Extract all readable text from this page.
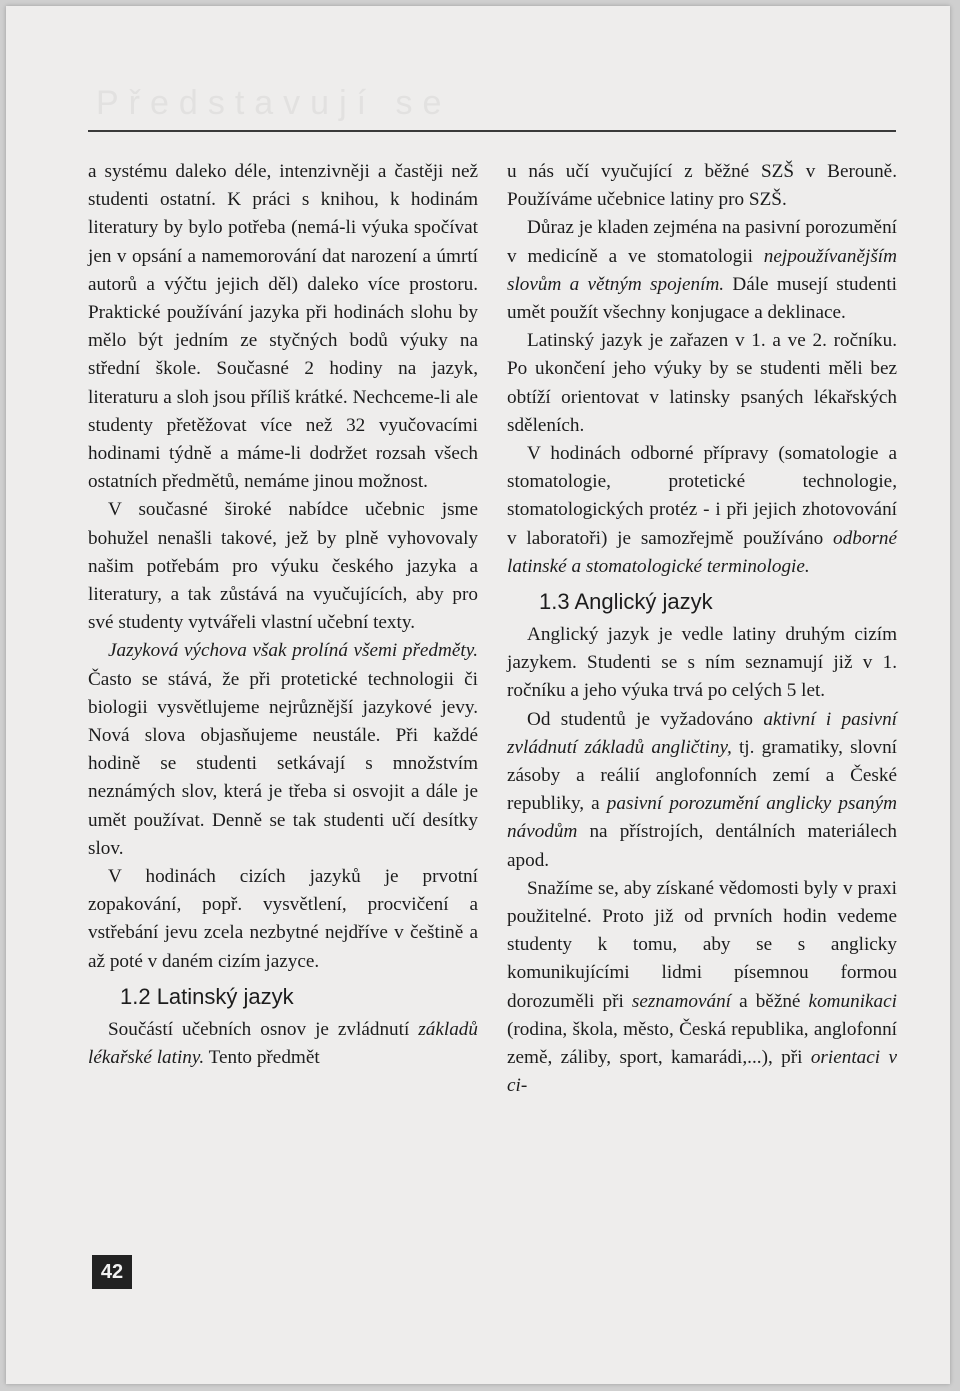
Představují se

a systému daleko déle, intenzivněji a častěji než studenti ostatní. K práci s knihou, k hodinám literatury by bylo potřeba (nemá-li výuka spočívat jen v opsání a namemorování dat narození a úmrtí autorů a výčtu jejich děl) daleko více prostoru. Praktické používání jazyka při hodinách slohu by mělo být jedním ze styčných bodů výuky na střední škole. Současné 2 hodiny na jazyk, literaturu a sloh jsou příliš krátké. Nechceme-li ale studenty přetěžovat více než 32 vyučovacími hodinami týdně a máme-li dodržet rozsah všech ostatních předmětů, nemáme jinou možnost.

V současné široké nabídce učebnic jsme bohužel nenašli takové, jež by plně vyhovovaly našim potřebám pro výuku českého jazyka a literatury, a tak zůstává na vyučujících, aby pro své studenty vytvářeli vlastní učební texty.

Jazyková výchova však prolíná všemi předměty. Často se stává, že při protetické technologii či biologii vysvětlujeme nejrůznější jazykové jevy. Nová slova objasňujeme neustále. Při každé hodině se studenti setkávají s množstvím neznámých slov, která je třeba si osvojit a dále je umět používat. Denně se tak studenti učí desítky slov.

V hodinách cizích jazyků je prvotní zopakování, popř. vysvětlení, procvičení a vstřebání jevu zcela nezbytné nejdříve v češtině a až poté v daném cizím jazyce.

1.2 Latinský jazyk

Součástí učebních osnov je zvládnutí základů lékařské latiny. Tento předmět

u nás učí vyučující z běžné SZŠ v Berouně. Používáme učebnice latiny pro SZŠ.

Důraz je kladen zejména na pasivní porozumění v medicíně a ve stomatologii nejpoužívanějším slovům a větným spojením. Dále musejí studenti umět použít všechny konjugace a deklinace.

Latinský jazyk je zařazen v 1. a ve 2. ročníku. Po ukončení jeho výuky by se studenti měli bez obtíží orientovat v latinsky psaných lékařských sděleních.

V hodinách odborné přípravy (somatologie a stomatologie, protetické technologie, stomatologických protéz - i při jejich zhotovování v laboratoři) je samozřejmě používáno odborné latinské a stomatologické terminologie.

1.3 Anglický jazyk

Anglický jazyk je vedle latiny druhým cizím jazykem. Studenti se s ním seznamují již v 1. ročníku a jeho výuka trvá po celých 5 let.

Od studentů je vyžadováno aktivní i pasivní zvládnutí základů angličtiny, tj. gramatiky, slovní zásoby a reálií anglofonních zemí a České republiky, a pasivní porozumění anglicky psaným návodům na přístrojích, dentálních materiálech apod.

Snažíme se, aby získané vědomosti byly v praxi použitelné. Proto již od prvních hodin vedeme studenty k tomu, aby se s anglicky komunikujícími lidmi písemnou formou dorozuměli při seznamování a běžné komunikaci (rodina, škola, město, Česká republika, anglofonní země, záliby, sport, kamarádi,...), při orientaci v ci-

42
